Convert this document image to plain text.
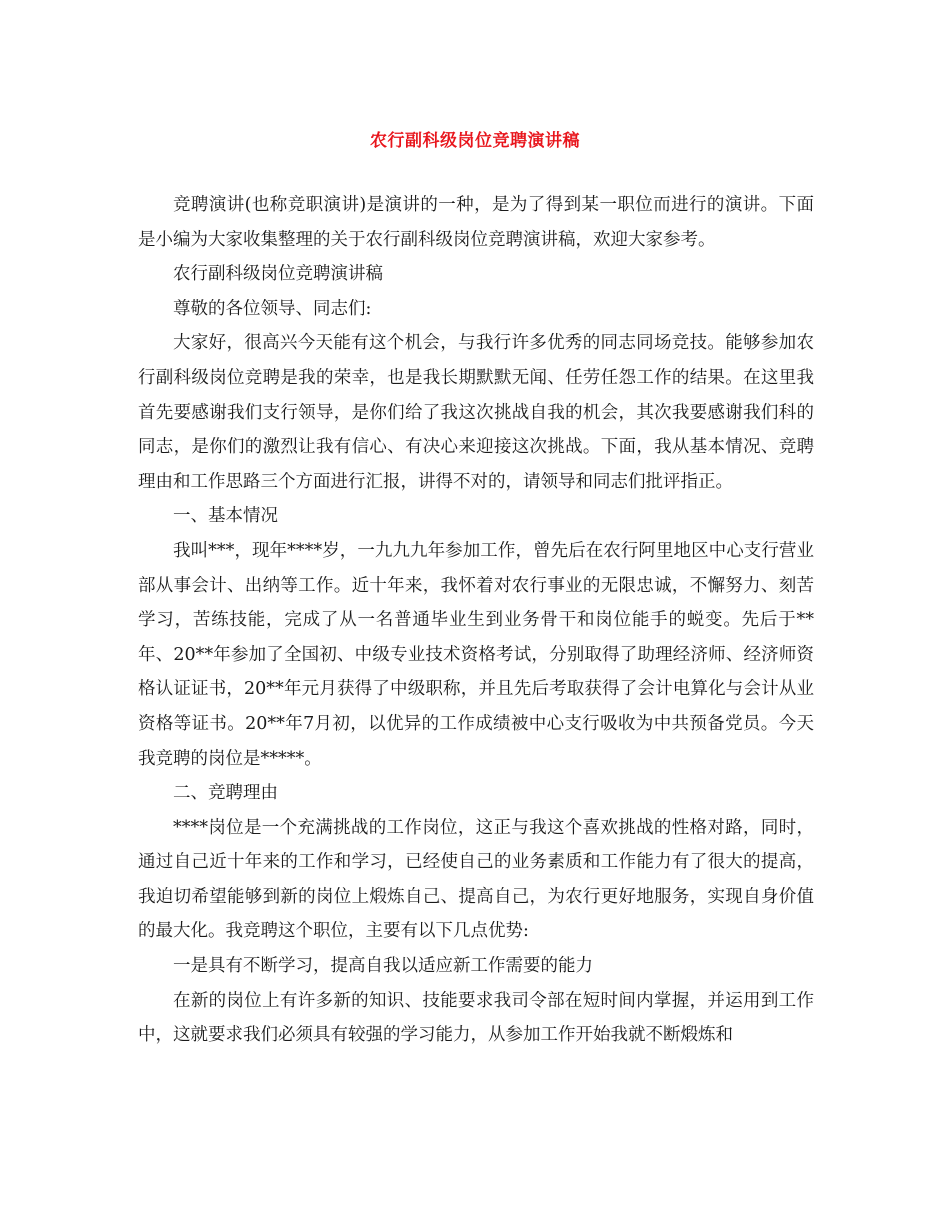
农行副科级岗位竞聘演讲稿

竞聘演讲(也称竞职演讲)是演讲的一种，是为了得到某一职位而进行的演讲。下面是小编为大家收集整理的关于农行副科级岗位竞聘演讲稿，欢迎大家参考。

农行副科级岗位竞聘演讲稿

尊敬的各位领导、同志们:

大家好，很高兴今天能有这个机会，与我行许多优秀的同志同场竞技。能够参加农行副科级岗位竞聘是我的荣幸，也是我长期默默无闻、任劳任怨工作的结果。在这里我首先要感谢我们支行领导，是你们给了我这次挑战自我的机会，其次我要感谢我们科的同志，是你们的激烈让我有信心、有决心来迎接这次挑战。下面，我从基本情况、竞聘理由和工作思路三个方面进行汇报，讲得不对的，请领导和同志们批评指正。

一、基本情况

我叫***，现年****岁，一九九九年参加工作，曾先后在农行阿里地区中心支行营业部从事会计、出纳等工作。近十年来，我怀着对农行事业的无限忠诚，不懈努力、刻苦学习，苦练技能，完成了从一名普通毕业生到业务骨干和岗位能手的蜕变。先后于**年、20**年参加了全国初、中级专业技术资格考试，分别取得了助理经济师、经济师资格认证证书，20**年元月获得了中级职称，并且先后考取获得了会计电算化与会计从业资格等证书。20**年7月初，以优异的工作成绩被中心支行吸收为中共预备党员。今天我竞聘的岗位是*****。

二、竞聘理由

****岗位是一个充满挑战的工作岗位，这正与我这个喜欢挑战的性格对路，同时，通过自己近十年来的工作和学习，已经使自己的业务素质和工作能力有了很大的提高，我迫切希望能够到新的岗位上煅炼自己、提高自己，为农行更好地服务，实现自身价值的最大化。我竞聘这个职位，主要有以下几点优势:

一是具有不断学习，提高自我以适应新工作需要的能力

在新的岗位上有许多新的知识、技能要求我司令部在短时间内掌握，并运用到工作中，这就要求我们必须具有较强的学习能力，从参加工作开始我就不断煅炼和
